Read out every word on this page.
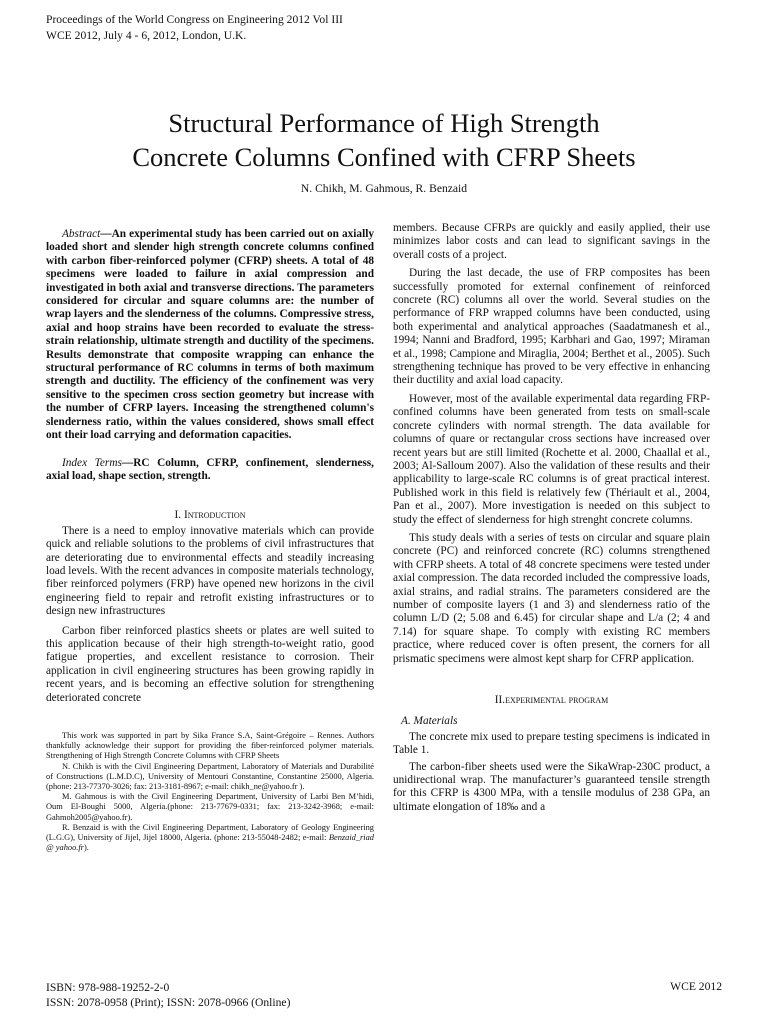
Proceedings of the World Congress on Engineering 2012 Vol III
WCE 2012, July 4 - 6, 2012, London, U.K.
Structural Performance of High Strength
Concrete Columns Confined with CFRP Sheets
N. Chikh, M. Gahmous, R. Benzaid

Abstract—An experimental study has been carried out on axially loaded short and slender high strength concrete columns confined with carbon fiber-reinforced polymer (CFRP) sheets. A total of 48 specimens were loaded to failure in axial compression and investigated in both axial and transverse directions. The parameters considered for circular and square columns are: the number of wrap layers and the slenderness of the columns. Compressive stress, axial and hoop strains have been recorded to evaluate the stress-strain relationship, ultimate strength and ductility of the specimens. Results demonstrate that composite wrapping can enhance the structural performance of RC columns in terms of both maximum strength and ductility. The efficiency of the confinement was very sensitive to the specimen cross section geometry but increase with the number of CFRP layers. Inceasing the strengthened column's slenderness ratio, within the values considered, shows small effect ont their load carrying and deformation capacities.

Index Terms—RC Column, CFRP, confinement, slenderness, axial load, shape section, strength.

I. Introduction

There is a need to employ innovative materials which can provide quick and reliable solutions to the problems of civil infrastructures that are deteriorating due to environmental effects and steadily increasing load levels. With the recent advances in composite materials technology, fiber reinforced polymers (FRP) have opened new horizons in the civil engineering field to repair and retrofit existing infrastructures or to design new infrastructures

Carbon fiber reinforced plastics sheets or plates are well suited to this application because of their high strength-to-weight ratio, good fatigue properties, and excellent resistance to corrosion. Their application in civil engineering structures has been growing rapidly in recent years, and is becoming an effective solution for strengthening deteriorated concrete

This work was supported in part by Sika France S.A, Saint-Grégoire – Rennes. Authors thankfully acknowledge their support for providing the fiber-reinforced polymer materials. Strengthening of High Strength Concrete Columns with CFRP Sheets

N. Chikh is with the Civil Engineering Department, Laboratory of Materials and Durabilité of Constructions (L.M.D.C), University of Mentouri Constantine, Constantine 25000, Algeria.(phone: 213-77370-3026; fax: 213-3181-8967; e-mail: chikh_ne@yahoo.fr ).

M. Gahmous is with the Civil Engineering Department, University of Larbi Ben M’hidi, Oum El-Boughi 5000, Algeria.(phone: 213-77679-0331; fax: 213-3242-3968; e-mail: Gahmoh2005@yahoo.fr).

R. Benzaid is with the Civil Engineering Department, Laboratory of Geology Engineering (L.G.G), University of Jijel, Jijel 18000, Algeria. (phone: 213-55048-2482; e-mail: Benzaid_riad @ yahoo.fr).

members. Because CFRPs are quickly and easily applied, their use minimizes labor costs and can lead to significant savings in the overall costs of a project.

During the last decade, the use of FRP composites has been successfully promoted for external confinement of reinforced concrete (RC) columns all over the world. Several studies on the performance of FRP wrapped columns have been conducted, using both experimental and analytical approaches (Saadatmanesh et al., 1994; Nanni and Bradford, 1995; Karbhari and Gao, 1997; Miraman et al., 1998; Campione and Miraglia, 2004; Berthet et al., 2005). Such strengthening technique has proved to be very effective in enhancing their ductility and axial load capacity.

However, most of the available experimental data regarding FRP-confined columns have been generated from tests on small-scale concrete cylinders with normal strength. The data available for columns of quare or rectangular cross sections have increased over recent years but are still limited (Rochette et al. 2000, Chaallal et al., 2003; Al-Salloum 2007). Also the validation of these results and their applicability to large-scale RC columns is of great practical interest. Published work in this field is relatively few (Thériault et al., 2004, Pan et al., 2007). More investigation is needed on this subject to study the effect of slenderness for high strenght concrete columns.

This study deals with a series of tests on circular and square plain concrete (PC) and reinforced concrete (RC) columns strengthened with CFRP sheets. A total of 48 concrete specimens were tested under axial compression. The data recorded included the compressive loads, axial strains, and radial strains. The parameters considered are the number of composite layers (1 and 3) and slenderness ratio of the column L/D (2; 5.08 and 6.45) for circular shape and L/a (2; 4 and 7.14) for square shape. To comply with existing RC members practice, where reduced cover is often present, the corners for all prismatic specimens were almost kept sharp for CFRP application.

II.experimental program

A. Materials

The concrete mix used to prepare testing specimens is indicated in Table 1.

The carbon-fiber sheets used were the SikaWrap-230C product, a unidirectional wrap. The manufacturer’s guaranteed tensile strength for this CFRP is 4300 MPa, with a tensile modulus of 238 GPa, an ultimate elongation of 18‰ and a

ISBN: 978-988-19252-2-0
ISSN: 2078-0958 (Print); ISSN: 2078-0966 (Online)
WCE 2012
